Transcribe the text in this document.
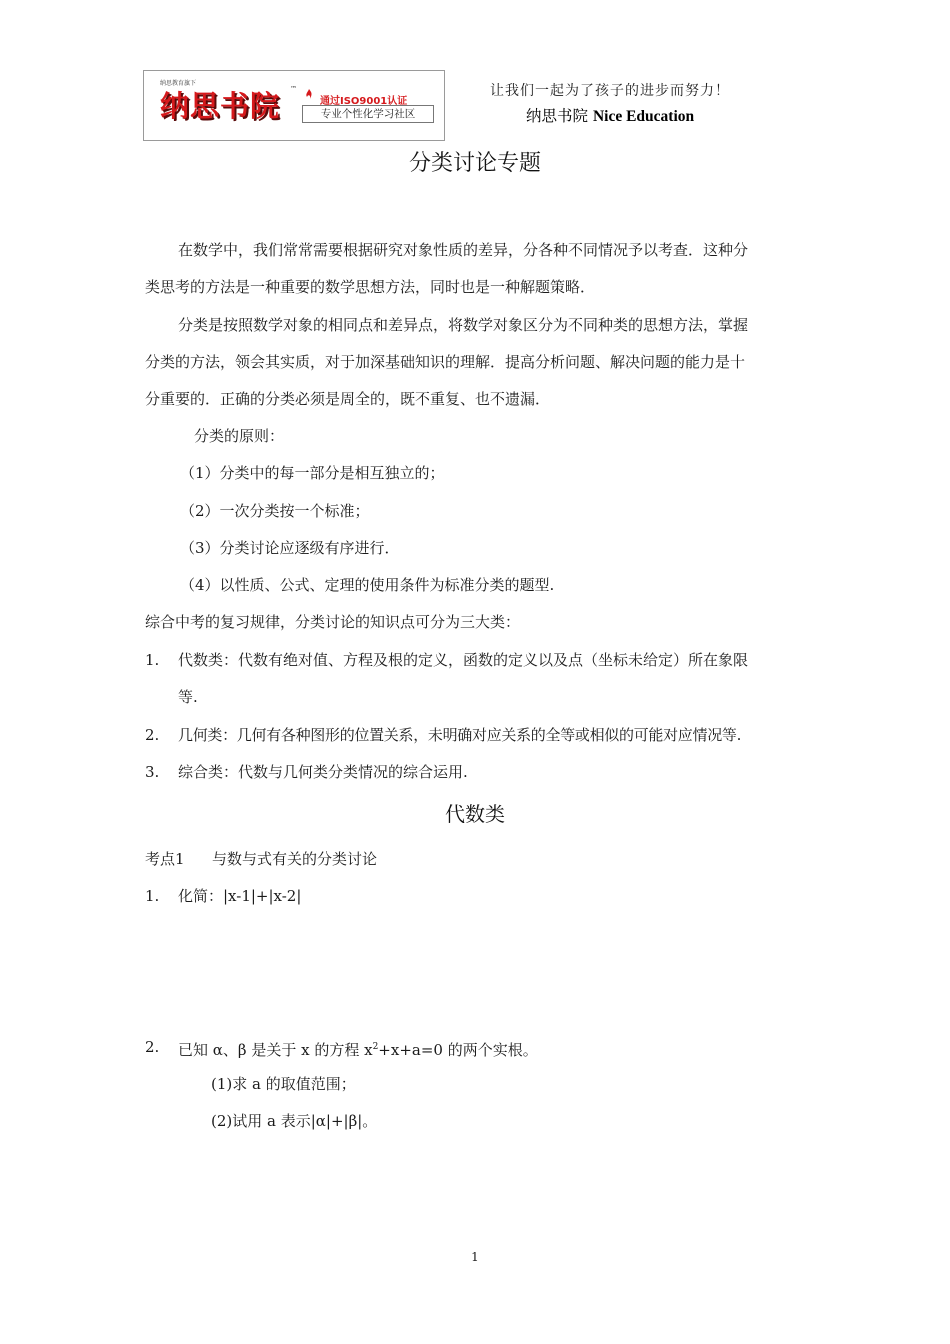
纳思教育旗下
纳思书院 ™
通过ISO9001认证
专业个性化学习社区
让我们一起为了孩子的进步而努力！
纳思书院 Nice Education
分类讨论专题
在数学中，我们常常需要根据研究对象性质的差异，分各种不同情况予以考查．这种分
类思考的方法是一种重要的数学思想方法，同时也是一种解题策略．
分类是按照数学对象的相同点和差异点，将数学对象区分为不同种类的思想方法，掌握
分类的方法，领会其实质，对于加深基础知识的理解．提高分析问题、解决问题的能力是十
分重要的．正确的分类必须是周全的，既不重复、也不遗漏．
分类的原则：
（1）分类中的每一部分是相互独立的；
（2）一次分类按一个标准；
（3）分类讨论应逐级有序进行．
（4）以性质、公式、定理的使用条件为标准分类的题型.
综合中考的复习规律，分类讨论的知识点可分为三大类：
1. 代数类：代数有绝对值、方程及根的定义，函数的定义以及点（坐标未给定）所在象限
等.
2. 几何类：几何有各种图形的位置关系，未明确对应关系的全等或相似的可能对应情况等.
3. 综合类：代数与几何类分类情况的综合运用.
代数类
考点1 与数与式有关的分类讨论
1. 化简：|x-1|+|x-2|
2. 已知 α、β 是关于 x 的方程 $x^2+x+a=0$ 的两个实根。
(1)求 a 的取值范围；
(2)试用 a 表示|α|+|β|。
1
